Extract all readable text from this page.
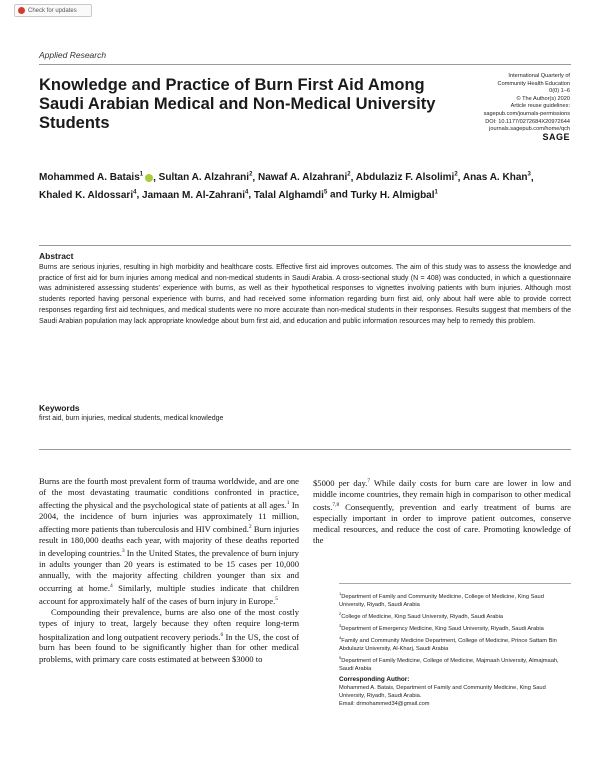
Check for updates
Applied Research
Knowledge and Practice of Burn First Aid Among Saudi Arabian Medical and Non-Medical University Students
International Quarterly of
Community Health Education
0(0) 1–6
© The Author(s) 2020
Article reuse guidelines:
sagepub.com/journals-permissions
DOI: 10.1177/0272684X20972644
journals.sagepub.com/home/qch
SAGE
Mohammed A. Batais$^1$ , Sultan A. Alzahrani$^2$, Nawaf A. Alzahrani$^2$, Abdulaziz F. Alsolimi$^2$, Anas A. Khan$^3$, Khaled K. Aldossari$^4$, Jamaan M. Al-Zahrani$^4$, Talal Alghamdi$^5$ and Turky H. Almigbal$^1$
Abstract
Burns are serious injuries, resulting in high morbidity and healthcare costs. Effective first aid improves outcomes. The aim of this study was to assess the knowledge and practice of first aid for burn injuries among medical and non-medical students in Saudi Arabia. A cross-sectional study (N = 408) was conducted, in which a questionnaire was administered assessing students' experience with burns, as well as their hypothetical responses to vignettes involving patients with burn injuries. Although most students reported having personal experience with burns, and had received some information regarding burn first aid, only about half were able to provide correct responses regarding first aid techniques, and medical students were no more accurate than non-medical students in their responses. Results suggest that members of the Saudi Arabian population may lack appropriate knowledge about burn first aid, and education and public information resources may help to remedy this problem.
Keywords
first aid, burn injuries, medical students, medical knowledge

Burns are the fourth most prevalent form of trauma worldwide, and are one of the most devastating traumatic conditions confronted in practice, affecting the physical and the psychological state of patients at all ages.$^1$ In 2004, the incidence of burn injuries was approximately 11 million, affecting more patients than tuberculosis and HIV combined.$^2$ Burn injuries result in 180,000 deaths each year, with majority of these deaths reported in developing countries.$^3$ In the United States, the prevalence of burn injury in adults younger than 20 years is estimated to be 15 cases per 10,000 annually, with the majority affecting children younger than six and occurring at home.$^4$ Similarly, multiple studies indicate that children account for approximately half of the cases of burn injury in Europe.$^5$

Compounding their prevalence, burns are also one of the most costly types of injury to treat, largely because they often require long-term hospitalization and long outpatient recovery periods.$^6$ In the US, the cost of burn has been found to be significantly higher than for other medical problems, with primary care costs estimated at between $3000 to

$5000 per day.$^7$ While daily costs for burn care are lower in low and middle income countries, they remain high in comparison to other medical costs.$^{7,8}$ Consequently, prevention and early treatment of burns are especially important in order to improve patient outcomes, conserve medical resources, and reduce the cost of care. Promoting knowledge of the

$^1$Department of Family and Community Medicine, College of Medicine, King Saud University, Riyadh, Saudi Arabia
$^2$College of Medicine, King Saud University, Riyadh, Saudi Arabia
$^3$Department of Emergency Medicine, King Saud University, Riyadh, Saudi Arabia
$^4$Family and Community Medicine Department, College of Medicine, Prince Sattam Bin Abdulaziz University, Al-Kharj, Saudi Arabia
$^5$Department of Family Medicine, College of Medicine, Majmaah University, Almajmaah, Saudi Arabia
Corresponding Author:
Mohammed A. Batais, Department of Family and Community Medicine, King Saud University, Riyadh, Saudi Arabia.
Email: drmohammed34@gmail.com
